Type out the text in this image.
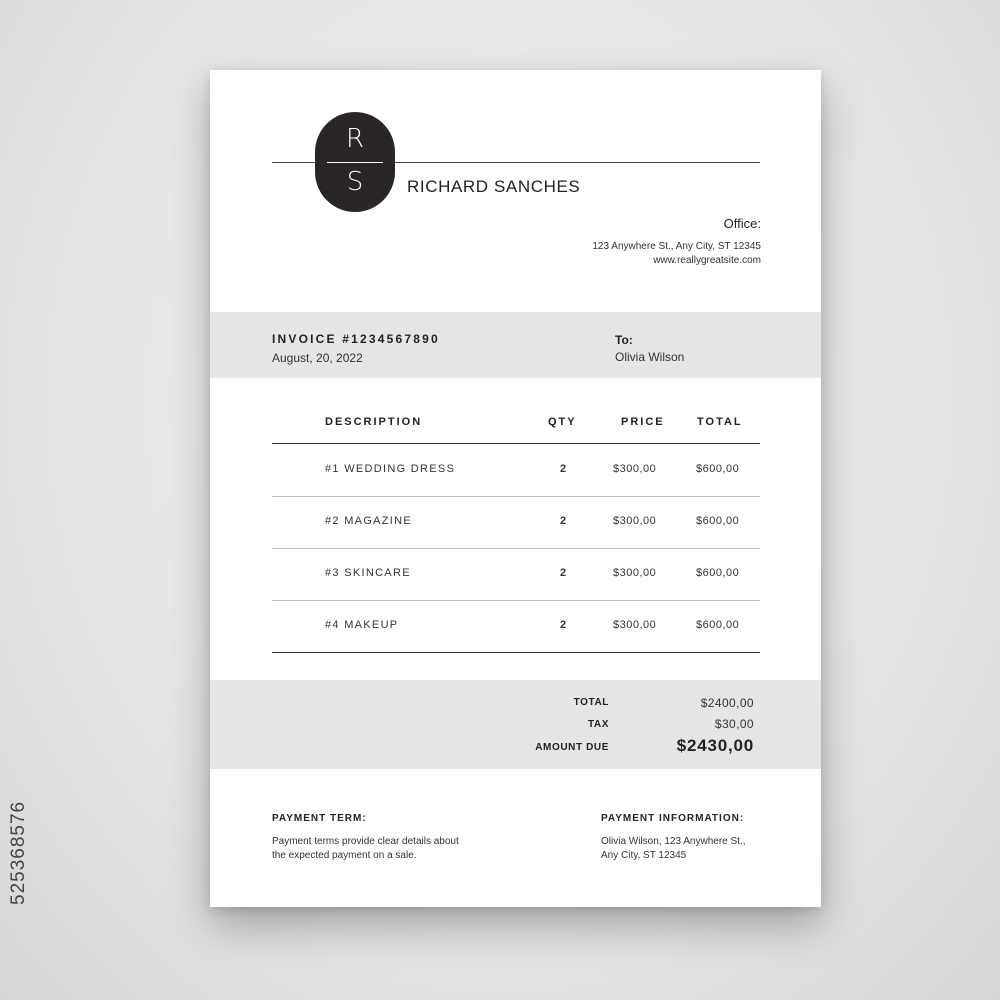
525368576
R
S	RICHARD SANCHES
Office:
123 Anywhere St., Any City, ST 12345
www.reallygreatsite.com
INVOICE #1234567890
August, 20, 2022
To:
Olivia Wilson
DESCRIPTION	QTY	PRICE	TOTAL
#1 WEDDING DRESS	2	$300,00	$600,00
#2 MAGAZINE	2	$300,00	$600,00
#3 SKINCARE	2	$300,00	$600,00
#4 MAKEUP	2	$300,00	$600,00
TOTAL	$2400,00
TAX	$30,00
AMOUNT DUE	$2430,00
PAYMENT TERM:
Payment terms provide clear details about
the expected payment on a sale.
PAYMENT INFORMATION:
Olivia Wilson, 123 Anywhere St.,
Any City, ST 12345
